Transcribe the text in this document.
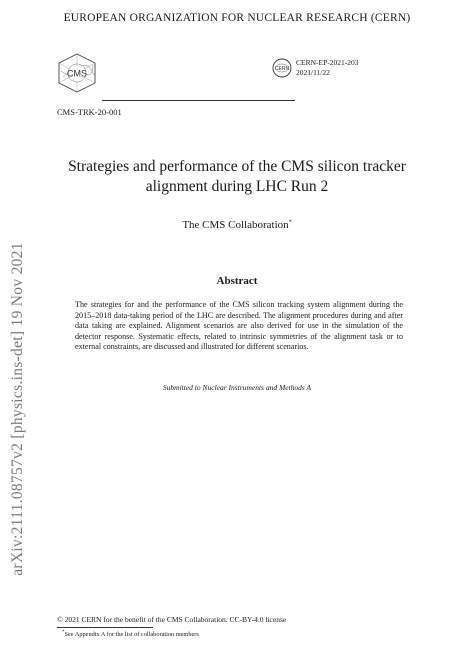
EUROPEAN ORGANIZATION FOR NUCLEAR RESEARCH (CERN)
CMS	CERN
CERN-EP-2021-203
2021/11/22
CMS-TRK-20-001
Strategies and performance of the CMS silicon tracker alignment during LHC Run 2
The CMS Collaboration*
Abstract
The strategies for and the performance of the CMS silicon tracking system alignment during the 2015–2018 data-taking period of the LHC are described. The alignment procedures during and after data taking are explained. Alignment scenarios are also derived for use in the simulation of the detector response. Systematic effects, related to intrinsic symmetries of the alignment task or to external constraints, are discussed and illustrated for different scenarios.
Submitted to Nuclear Instruments and Methods A
arXiv:2111.08757v2 [physics.ins-det] 19 Nov 2021
© 2021 CERN for the benefit of the CMS Collaboration. CC-BY-4.0 license
*See Appendix A for the list of collaboration members
